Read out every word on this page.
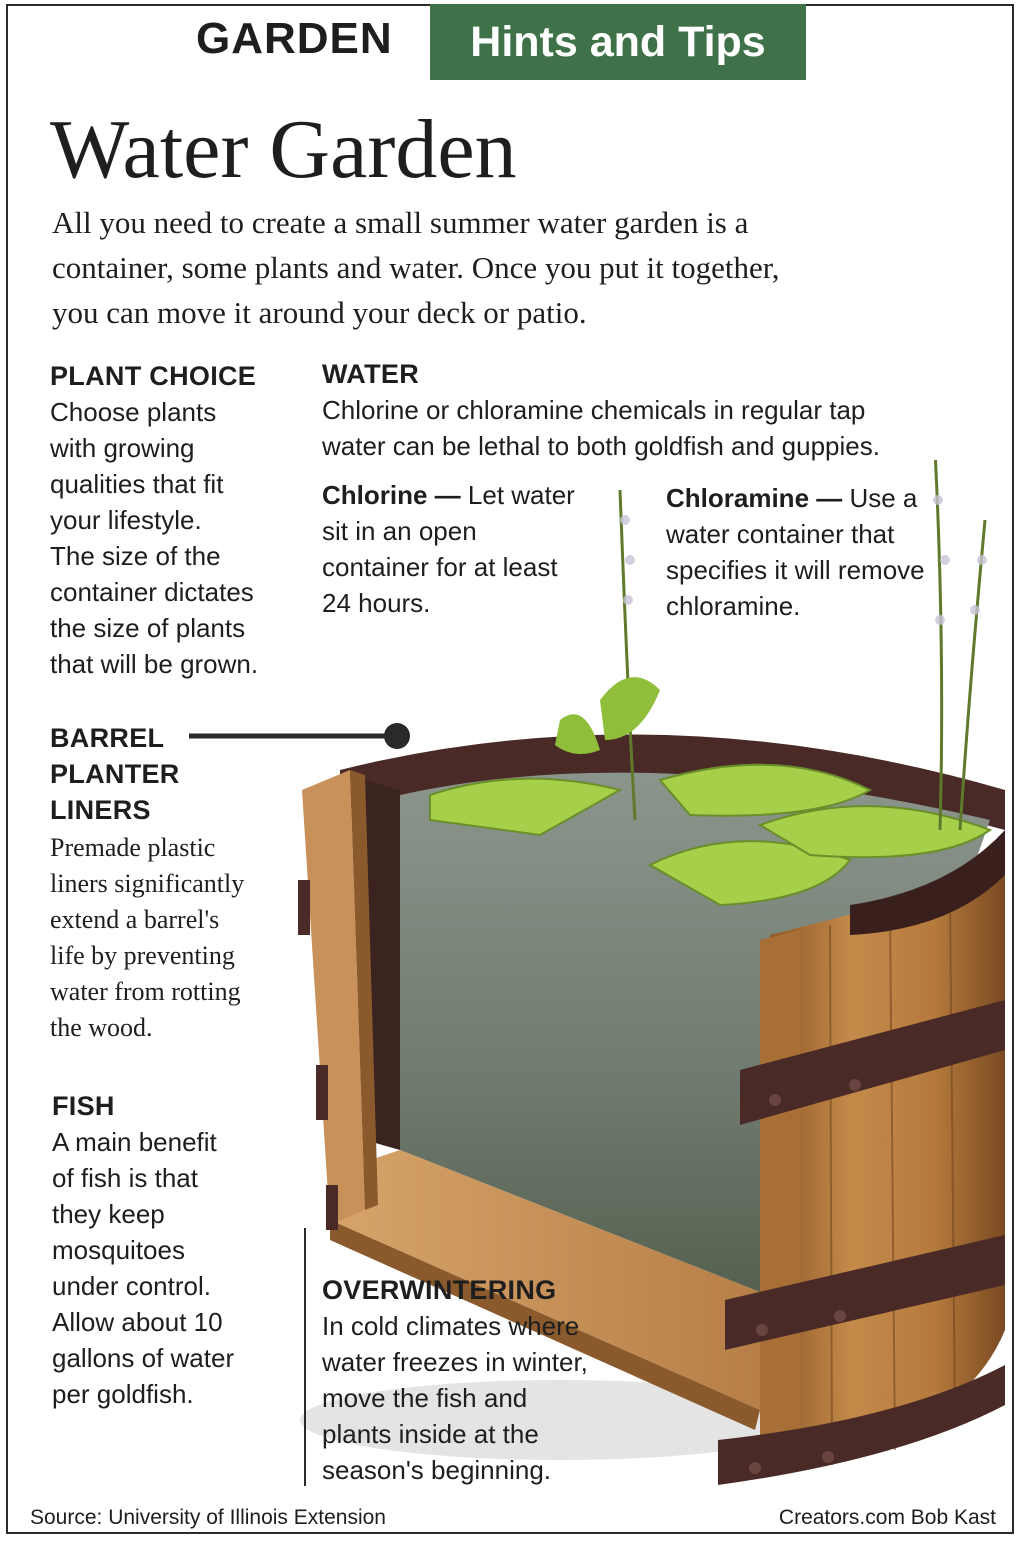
GARDEN	Hints and Tips
Water Garden
All you need to create a small summer water garden is a
container, some plants and water. Once you put it together,
you can move it around your deck or patio.
PLANT CHOICE
Choose plants
with growing
qualities that fit
your lifestyle.
The size of the
container dictates
the size of plants
that will be grown.
WATER
Chlorine or chloramine chemicals in regular tap
water can be lethal to both goldfish and guppies.
Chlorine — Let water
sit in an open
container for at least
24 hours.
Chloramine — Use a
water container that
specifies it will remove
chloramine.
BARREL
PLANTER
LINERS
Premade plastic
liners significantly
extend a barrel's
life by preventing
water from rotting
the wood.
FISH
A main benefit
of fish is that
they keep
mosquitoes
under control.
Allow about 10
gallons of water
per goldfish.
OVERWINTERING
In cold climates where
water freezes in winter,
move the fish and
plants inside at the
season's beginning.
Source: University of Illinois Extension	Creators.com Bob Kast
